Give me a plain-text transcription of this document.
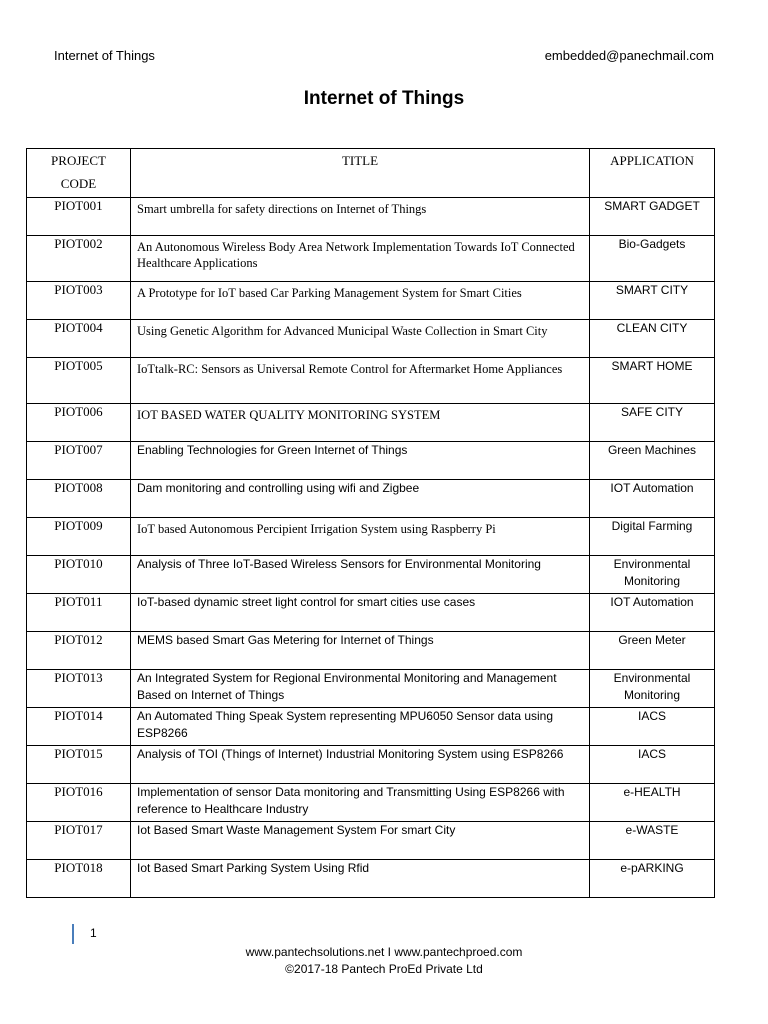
Internet of Things	embedded@panechmail.com
Internet of Things
PROJECT
CODE	TITLE	APPLICATION
PIOT001	Smart umbrella for safety directions on Internet of Things	SMART GADGET
PIOT002	An Autonomous Wireless Body Area Network Implementation Towards IoT Connected Healthcare Applications	Bio-Gadgets
PIOT003	A Prototype for IoT based Car Parking Management System for Smart Cities	SMART CITY
PIOT004	Using Genetic Algorithm for Advanced Municipal Waste Collection in Smart City	CLEAN CITY
PIOT005	IoTtalk-RC: Sensors as Universal Remote Control for Aftermarket Home Appliances	SMART HOME
PIOT006	IOT BASED WATER QUALITY MONITORING SYSTEM	SAFE CITY
PIOT007	Enabling Technologies for Green Internet of Things	Green Machines
PIOT008	Dam monitoring and controlling using wifi and Zigbee	IOT Automation
PIOT009	IoT based Autonomous Percipient Irrigation System using Raspberry Pi	Digital Farming
PIOT010	Analysis of Three IoT-Based Wireless Sensors for Environmental Monitoring	Environmental Monitoring
PIOT011	IoT-based dynamic street light control for smart cities use cases	IOT Automation
PIOT012	MEMS based Smart Gas Metering for Internet of Things	Green Meter
PIOT013	An Integrated System for Regional Environmental Monitoring and Management Based on Internet of Things	Environmental Monitoring
PIOT014	An Automated Thing Speak System representing MPU6050 Sensor data using ESP8266	IACS
PIOT015	Analysis of TOI (Things of Internet) Industrial Monitoring System using ESP8266	IACS
PIOT016	Implementation of sensor Data monitoring and Transmitting Using ESP8266 with reference to Healthcare Industry	e-HEALTH
PIOT017	Iot Based Smart Waste Management System For smart City	e-WASTE
PIOT018	Iot Based Smart Parking System Using Rfid	e-pARKING
1
www.pantechsolutions.net I www.pantechproed.com
©2017-18 Pantech ProEd Private Ltd
